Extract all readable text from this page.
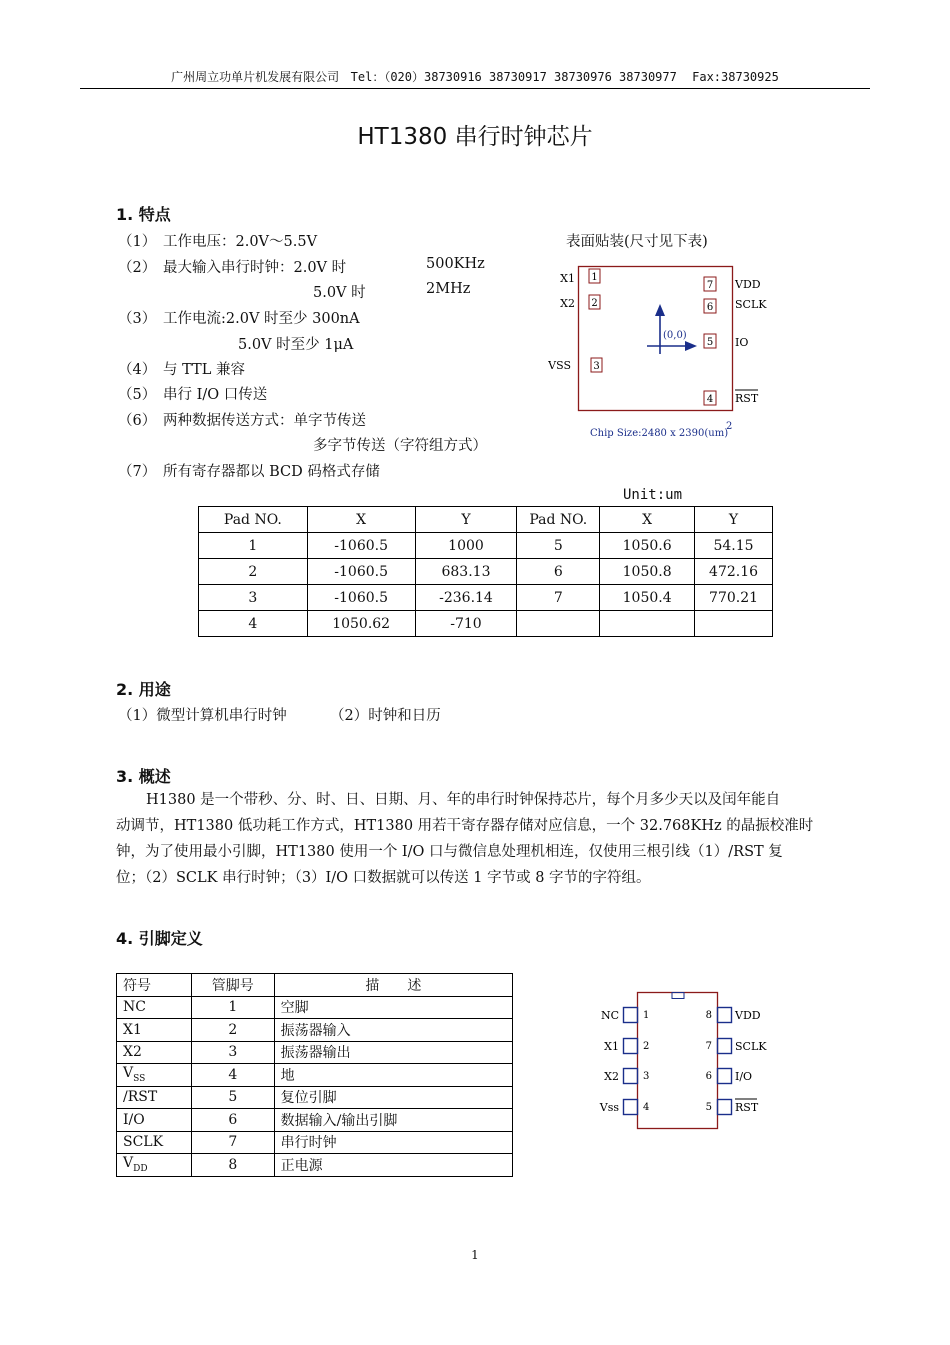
广州周立功单片机发展有限公司 Tel：（020）38730916 38730917 38730976 38730977 Fax:38730925
HT1380 串行时钟芯片
1. 特点
（1） 工作电压：2.0V～5.5V
（2） 最大输入串行时钟：2.0V 时	500KHz
5.0V 时	2MHz
（3） 工作电流:2.0V 时至少 300nA
5.0V 时至少 1μA
（4） 与 TTL 兼容
（5） 串行 I/O 口传送
（6） 两种数据传送方式：单字节传送
多字节传送（字符组方式）
（7） 所有寄存器都以 BCD 码格式存储
表面贴装(尺寸见下表)
1
2
3
4
5
6
7
X1
X2
VSS
VDD
SCLK
IO
RST
(0,0)
Chip Size:2480 x 2390(um)
2
Unit:um
Pad NO.	X	Y	Pad NO.	X	Y
1	-1060.5	1000	5	1050.6	54.15
2	-1060.5	683.13	6	1050.8	472.16
3	-1060.5	-236.14	7	1050.4	770.21
4	1050.62	-710			
2. 用途
（1）微型计算机串行时钟	（2）时钟和日历
3. 概述

H1380 是一个带秒、分、时、日、日期、月、年的串行时钟保持芯片，每个月多少天以及闰年能自

动调节，HT1380 低功耗工作方式，HT1380 用若干寄存器存储对应信息，一个 32.768KHz 的晶振校准时

钟，为了使用最小引脚，HT1380 使用一个 I/O 口与微信息处理机相连，仅使用三根引线（1）/RST 复

位；（2）SCLK 串行时钟；（3）I/O 口数据就可以传送 1 字节或 8 字节的字符组。

4. 引脚定义
符号	管脚号	描　　述
NC	1	空脚
X1	2	振荡器输入
X2	3	振荡器输出
$V_{SS}$	4	地
/RST	5	复位引脚
I/O	6	数据输入/输出引脚
SCLK	7	串行时钟
$V_{DD}$	8	正电源
NC
X1
X2
Vss
1
2
3
4
VDD
SCLK
I/O
RST
8
7
6
5
1
